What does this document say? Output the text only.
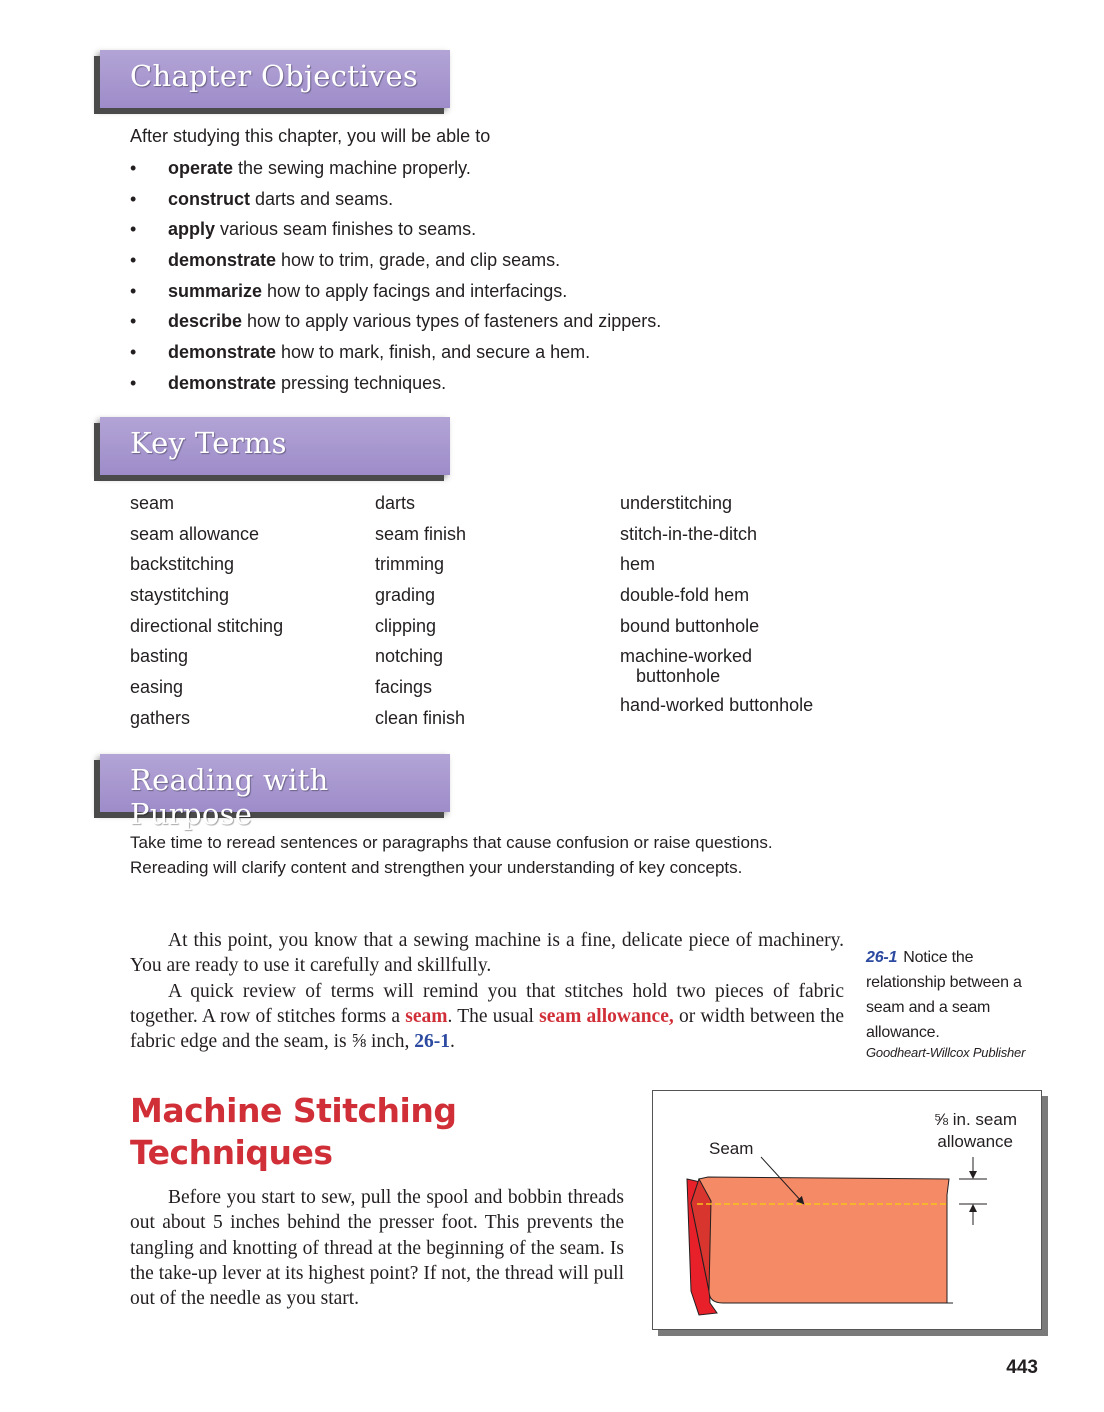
Chapter Objectives
After studying this chapter, you will be able to
• operate the sewing machine properly.
• construct darts and seams.
• apply various seam finishes to seams.
• demonstrate how to trim, grade, and clip seams.
• summarize how to apply facings and interfacings.
• describe how to apply various types of fasteners and zippers.
• demonstrate how to mark, finish, and secure a hem.
• demonstrate pressing techniques.
Key Terms
seam
seam allowance
backstitching
staystitching
directional stitching
basting
easing
gathers
darts
seam finish
trimming
grading
clipping
notching
facings
clean finish
understitching
stitch-in-the-ditch
hem
double-fold hem
bound buttonhole
machine-worked
buttonhole
hand-worked buttonhole
Reading with Purpose
Take time to reread sentences or paragraphs that cause confusion or raise questions.
Rereading will clarify content and strengthen your understanding of key concepts.

At this point, you know that a sewing machine is a fine, delicate piece of machinery. You are ready to use it carefully and skillfully.

A quick review of terms will remind you that stitches hold two pieces of fabric together. A row of stitches forms a seam. The usual seam allowance, or width between the fabric edge and the seam, is ⅝ inch, 26-1.

26-1 Notice the relationship between a seam and a seam allowance.
Goodheart-Willcox Publisher
Machine Stitching
Techniques

Before you start to sew, pull the spool and bobbin threads out about 5 inches behind the presser foot. This prevents the tangling and knotting of thread at the beginning of the seam. Is the take-up lever at its highest point? If not, the thread will pull out of the needle as you start.

Seam
⅝ in. seam
allowance
443
